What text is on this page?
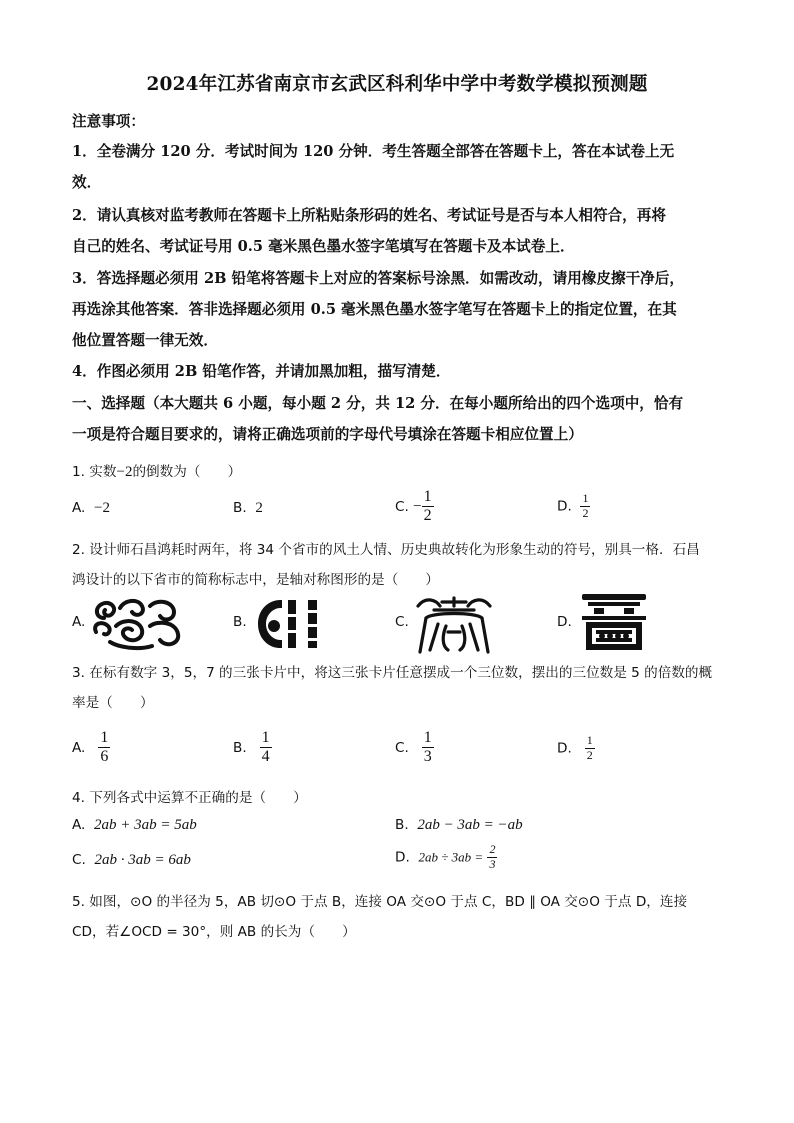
2024年江苏省南京市玄武区科利华中学中考数学模拟预测题
注意事项：
1．全卷满分 120 分．考试时间为 120 分钟．考生答题全部答在答题卡上，答在本试卷上无
效．
2．请认真核对监考教师在答题卡上所粘贴条形码的姓名、考试证号是否与本人相符合，再将
自己的姓名、考试证号用 0.5 毫米黑色墨水签字笔填写在答题卡及本试卷上．
3．答选择题必须用 2B 铅笔将答题卡上对应的答案标号涂黑．如需改动，请用橡皮擦干净后，
再选涂其他答案．答非选择题必须用 0.5 毫米黑色墨水签字笔写在答题卡上的指定位置，在其
他位置答题一律无效．
4．作图必须用 2B 铅笔作答，并请加黑加粗，描写清楚．
一、选择题（本大题共 6 小题，每小题 2 分，共 12 分．在每小题所给出的四个选项中，恰有
一项是符合题目要求的，请将正确选项前的字母代号填涂在答题卡相应位置上）
1. 实数−2的倒数为（　　）
A. −2	B. 2	C. − $\frac{1}{2}$	D. $\frac{1}{2}$
2. 设计师石昌鸿耗时两年，将 34 个省市的风土人情、历史典故转化为形象生动的符号，别具一格．石昌
鸿设计的以下省市的简称标志中，是轴对称图形的是（　　）
A.	B.	C.	D.
3. 在标有数字 3，5，7 的三张卡片中，将这三张卡片任意摆成一个三位数，摆出的三位数是 5 的倍数的概
率是（　　）
A. $\frac{1}{6}$	B. $\frac{1}{4}$	C. $\frac{1}{3}$	D. $\frac{1}{2}$
4. 下列各式中运算不正确的是（　　）
A. 2ab + 3ab = 5ab	B. 2ab − 3ab = −ab
C. 2ab · 3ab = 6ab	D. $2ab \div 3ab = \frac{2}{3}$
5. 如图，⊙O 的半径为 5，AB 切⊙O 于点 B，连接 OA 交⊙O 于点 C，BD ∥ OA 交⊙O 于点 D，连接
CD，若∠OCD = 30°，则 AB 的长为（　　）
